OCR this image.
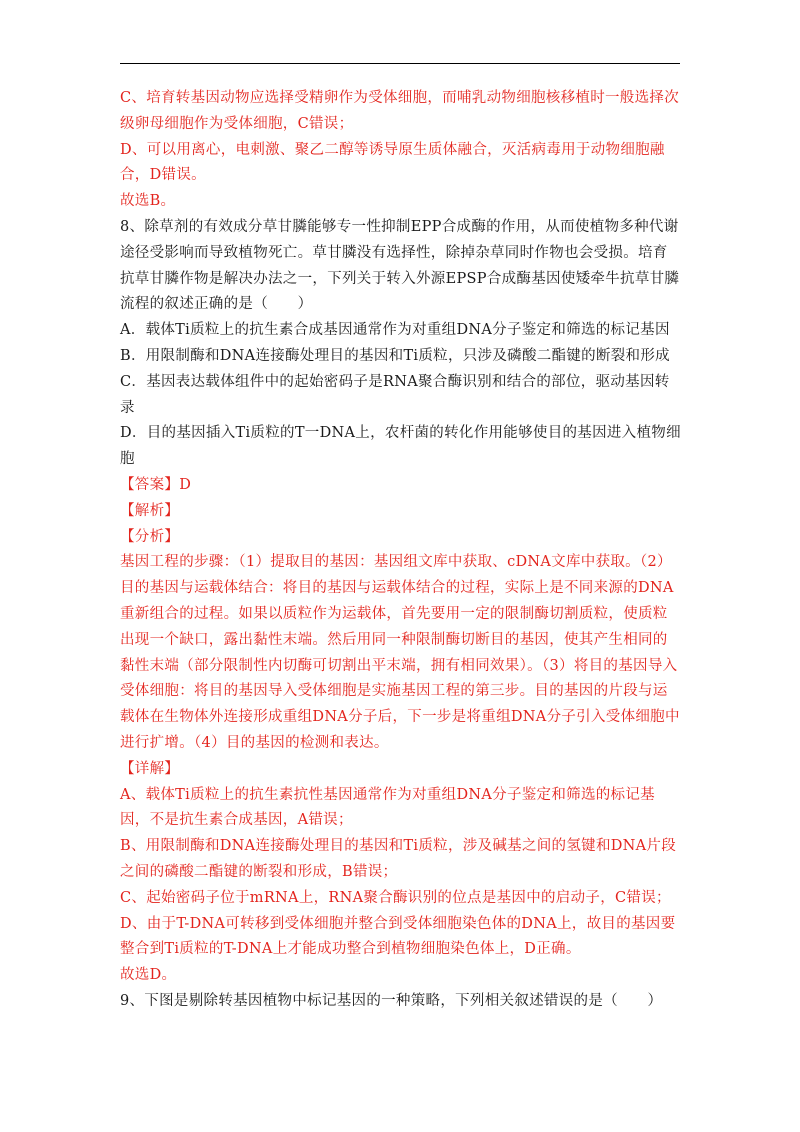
C、培育转基因动物应选择受精卵作为受体细胞，而哺乳动物细胞核移植时一般选择次级卵母细胞作为受体细胞，C错误；

D、可以用离心，电刺激、聚乙二醇等诱导原生质体融合，灭活病毒用于动物细胞融合，D错误。

故选B。

8、除草剂的有效成分草甘膦能够专一性抑制EPP合成酶的作用，从而使植物多种代谢途径受影响而导致植物死亡。草甘膦没有选择性，除掉杂草同时作物也会受损。培育抗草甘膦作物是解决办法之一，下列关于转入外源EPSP合成酶基因使矮牵牛抗草甘膦流程的叙述正确的是（　　）

A．载体Ti质粒上的抗生素合成基因通常作为对重组DNA分子鉴定和筛选的标记基因

B．用限制酶和DNA连接酶处理目的基因和Ti质粒，只涉及磷酸二酯键的断裂和形成

C．基因表达载体组件中的起始密码子是RNA聚合酶识别和结合的部位，驱动基因转录

D．目的基因插入Ti质粒的T一DNA上，农杆菌的转化作用能够使目的基因进入植物细胞

【答案】D

【解析】

【分析】

基因工程的步骤：（1）提取目的基因：基因组文库中获取、cDNA文库中获取。（2）目的基因与运载体结合：将目的基因与运载体结合的过程，实际上是不同来源的DNA重新组合的过程。如果以质粒作为运载体，首先要用一定的限制酶切割质粒，使质粒出现一个缺口，露出黏性末端。然后用同一种限制酶切断目的基因，使其产生相同的黏性末端（部分限制性内切酶可切割出平末端，拥有相同效果）。（3）将目的基因导入受体细胞：将目的基因导入受体细胞是实施基因工程的第三步。目的基因的片段与运载体在生物体外连接形成重组DNA分子后，下一步是将重组DNA分子引入受体细胞中进行扩增。（4）目的基因的检测和表达。

【详解】

A、载体Ti质粒上的抗生素抗性基因通常作为对重组DNA分子鉴定和筛选的标记基因，不是抗生素合成基因，A错误；

B、用限制酶和DNA连接酶处理目的基因和Ti质粒，涉及碱基之间的氢键和DNA片段之间的磷酸二酯键的断裂和形成，B错误；

C、起始密码子位于mRNA上，RNA聚合酶识别的位点是基因中的启动子，C错误；

D、由于T-DNA可转移到受体细胞并整合到受体细胞染色体的DNA上，故目的基因要整合到Ti质粒的T-DNA上才能成功整合到植物细胞染色体上，D正确。

故选D。

9、下图是剔除转基因植物中标记基因的一种策略，下列相关叙述错误的是（　　）
